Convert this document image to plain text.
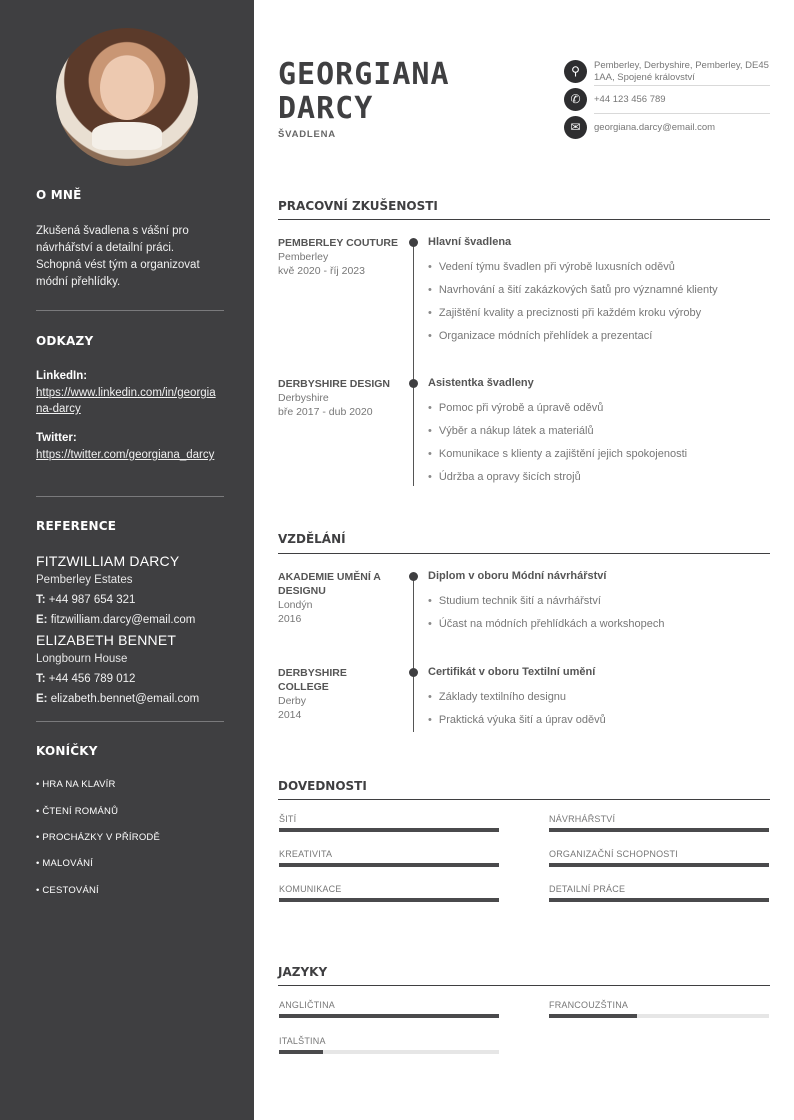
O MNĚ
Zkušená švadlena s vášní pro návrhářství a detailní práci. Schopná vést tým a organizovat módní přehlídky.
ODKAZY
LinkedIn:
https://www.linkedin.com/in/georgiana-darcy
Twitter:
https://twitter.com/georgiana_darcy
REFERENCE
FITZWILLIAM DARCY
Pemberley Estates
T: +44 987 654 321
E: fitzwilliam.darcy@email.com
ELIZABETH BENNET
Longbourn House
T: +44 456 789 012
E: elizabeth.bennet@email.com
KONÍČKY
• HRA NA KLAVÍR
• ČTENÍ ROMÁNŮ
• PROCHÁZKY V PŘÍRODĚ
• MALOVÁNÍ
• CESTOVÁNÍ
GEORGIANA
DARCY
ŠVADLENA
⚲	Pemberley, Derbyshire, Pemberley, DE45 1AA, Spojené království
✆	+44 123 456 789
✉	georgiana.darcy@email.com
PRACOVNÍ ZKUŠENOSTI
PEMBERLEY COUTURE
Pemberley
kvě 2020 - říj 2023
Hlavní švadlena
• Vedení týmu švadlen při výrobě luxusních oděvů
• Navrhování a šití zakázkových šatů pro významné klienty
• Zajištění kvality a preciznosti při každém kroku výroby
• Organizace módních přehlídek a prezentací
DERBYSHIRE DESIGN
Derbyshire
bře 2017 - dub 2020
Asistentka švadleny
• Pomoc při výrobě a úpravě oděvů
• Výběr a nákup látek a materiálů
• Komunikace s klienty a zajištění jejich spokojenosti
• Údržba a opravy šicích strojů
VZDĚLÁNÍ
AKADEMIE UMĚNÍ A DESIGNU
Londýn
2016
Diplom v oboru Módní návrhářství
• Studium technik šití a návrhářství
• Účast na módních přehlídkách a workshopech
DERBYSHIRE COLLEGE
Derby
2014
Certifikát v oboru Textilní umění
• Základy textilního designu
• Praktická výuka šití a úprav oděvů
DOVEDNOSTI
ŠITÍ	NÁVRHÁŘSTVÍ
KREATIVITA	ORGANIZAČNÍ SCHOPNOSTI
KOMUNIKACE	DETAILNÍ PRÁCE
JAZYKY
ANGLIČTINA	FRANCOUZŠTINA
ITALŠTINA
